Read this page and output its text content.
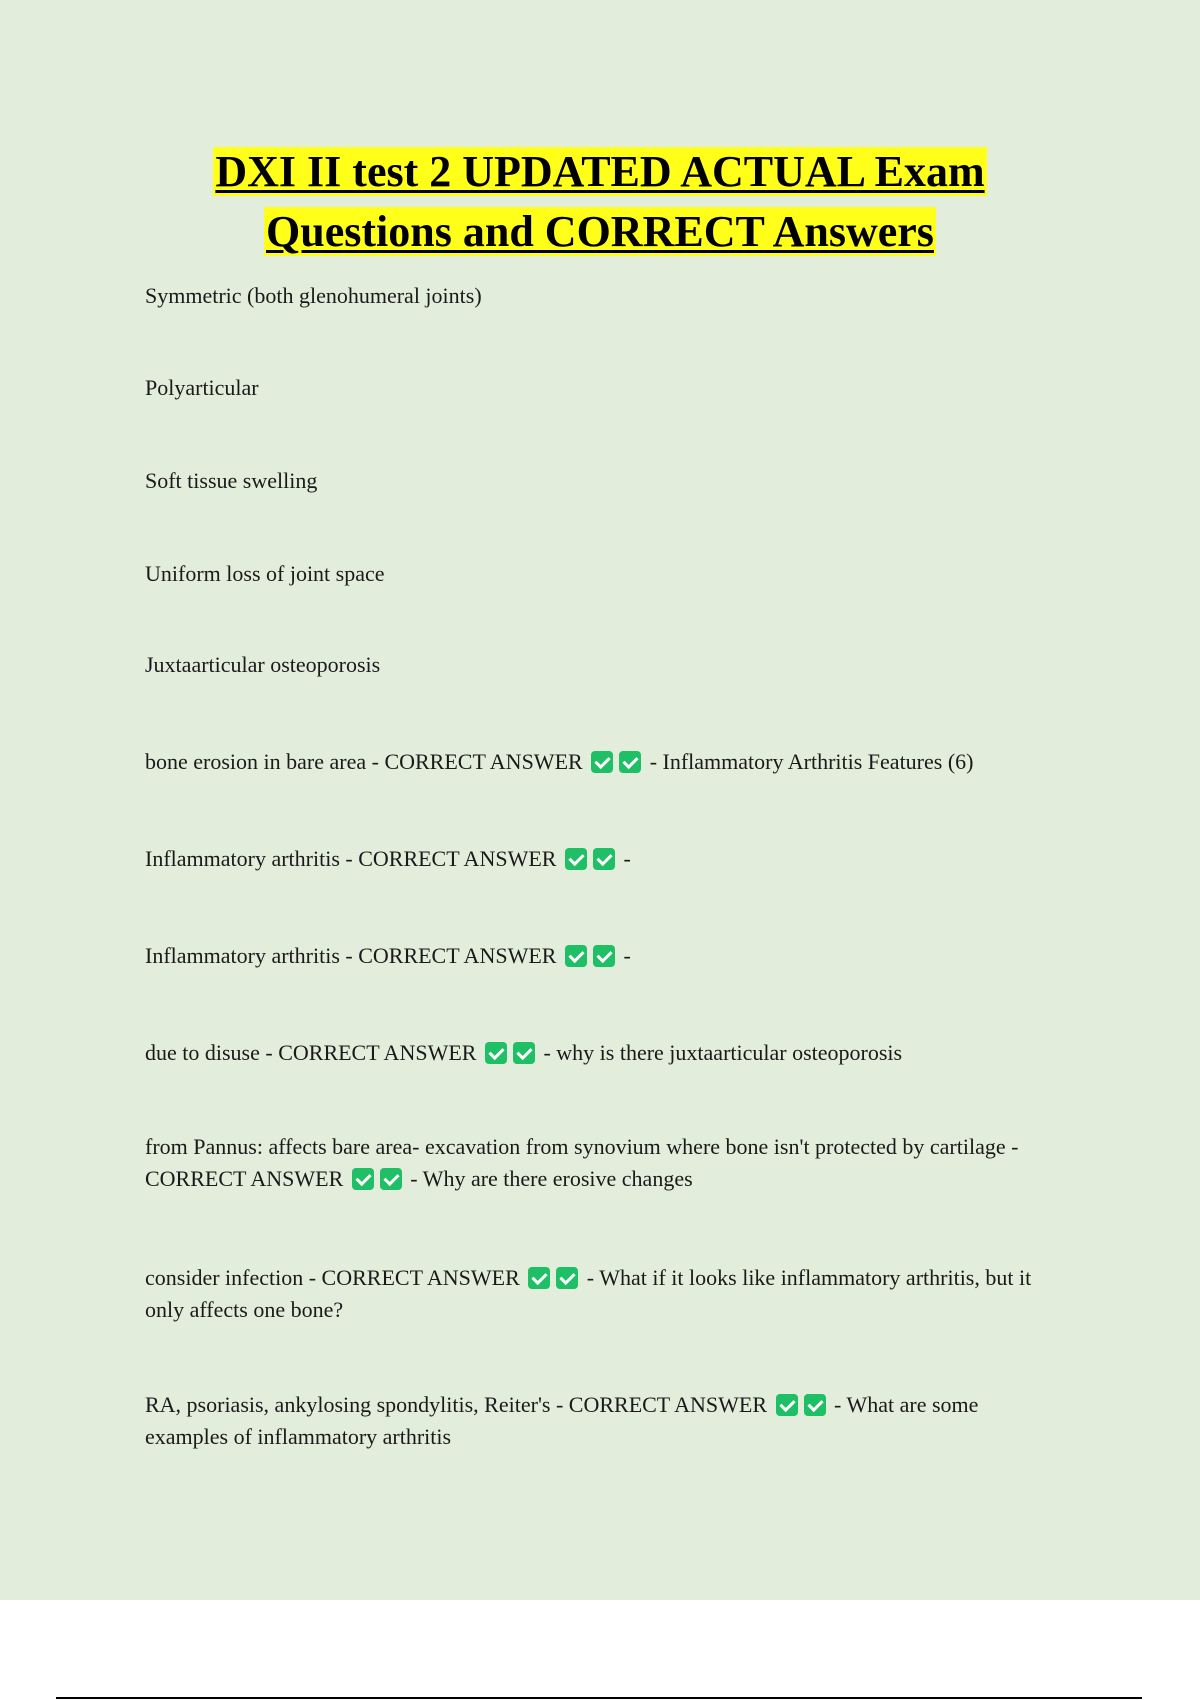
DXI II test 2 UPDATED ACTUAL Exam
Questions and CORRECT Answers
Symmetric (both glenohumeral joints)
Polyarticular
Soft tissue swelling
Uniform loss of joint space
Juxtaarticular osteoporosis
bone erosion in bare area - CORRECT ANSWER	- Inflammatory Arthritis Features (6)
Inflammatory arthritis - CORRECT ANSWER	-
Inflammatory arthritis - CORRECT ANSWER	-
due to disuse - CORRECT ANSWER	- why is there juxtaarticular osteoporosis
from Pannus: affects bare area- excavation from synovium where bone isn't protected by cartilage - CORRECT ANSWER	- Why are there erosive changes
consider infection - CORRECT ANSWER	- What if it looks like inflammatory arthritis, but it only affects one bone?
RA, psoriasis, ankylosing spondylitis, Reiter's - CORRECT ANSWER	- What are some examples of inflammatory arthritis
